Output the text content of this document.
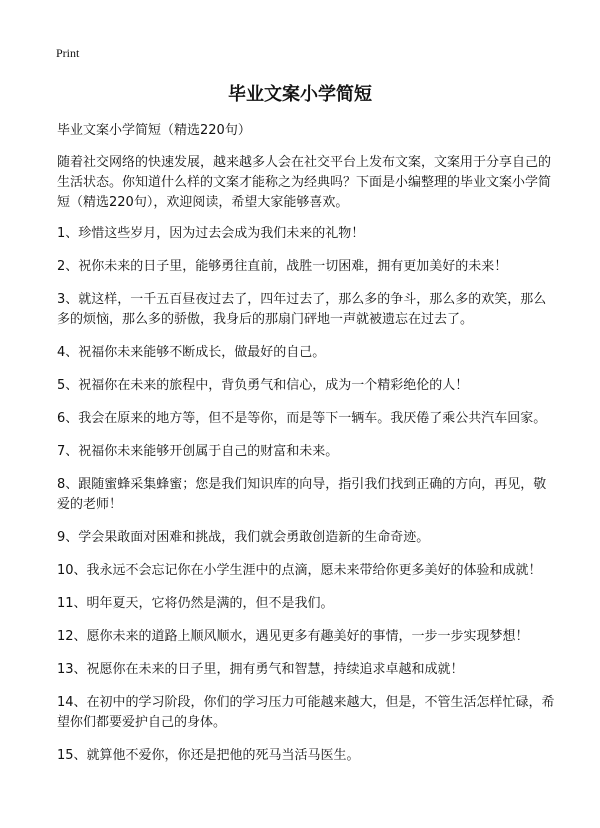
Print
毕业文案小学简短

毕业文案小学简短（精选220句）

随着社交网络的快速发展，越来越多人会在社交平台上发布文案，文案用于分享自己的生活状态。你知道什么样的文案才能称之为经典吗？下面是小编整理的毕业文案小学简短（精选220句），欢迎阅读，希望大家能够喜欢。

1、珍惜这些岁月，因为过去会成为我们未来的礼物！

2、祝你未来的日子里，能够勇往直前，战胜一切困难，拥有更加美好的未来！

3、就这样，一千五百昼夜过去了，四年过去了，那么多的争斗，那么多的欢笑，那么多的烦恼，那么多的骄傲，我身后的那扇门砰地一声就被遗忘在过去了。

4、祝福你未来能够不断成长，做最好的自己。

5、祝福你在未来的旅程中，背负勇气和信心，成为一个精彩绝伦的人！

6、我会在原来的地方等，但不是等你，而是等下一辆车。我厌倦了乘公共汽车回家。

7、祝福你未来能够开创属于自己的财富和未来。

8、跟随蜜蜂采集蜂蜜；您是我们知识库的向导，指引我们找到正确的方向，再见，敬爱的老师！

9、学会果敢面对困难和挑战，我们就会勇敢创造新的生命奇迹。

10、我永远不会忘记你在小学生涯中的点滴，愿未来带给你更多美好的体验和成就！

11、明年夏天，它将仍然是满的，但不是我们。

12、愿你未来的道路上顺风顺水，遇见更多有趣美好的事情，一步一步实现梦想！

13、祝愿你在未来的日子里，拥有勇气和智慧，持续追求卓越和成就！

14、在初中的学习阶段，你们的学习压力可能越来越大，但是，不管生活怎样忙碌，希望你们都要爱护自己的身体。

15、就算他不爱你，你还是把他的死马当活马医生。
